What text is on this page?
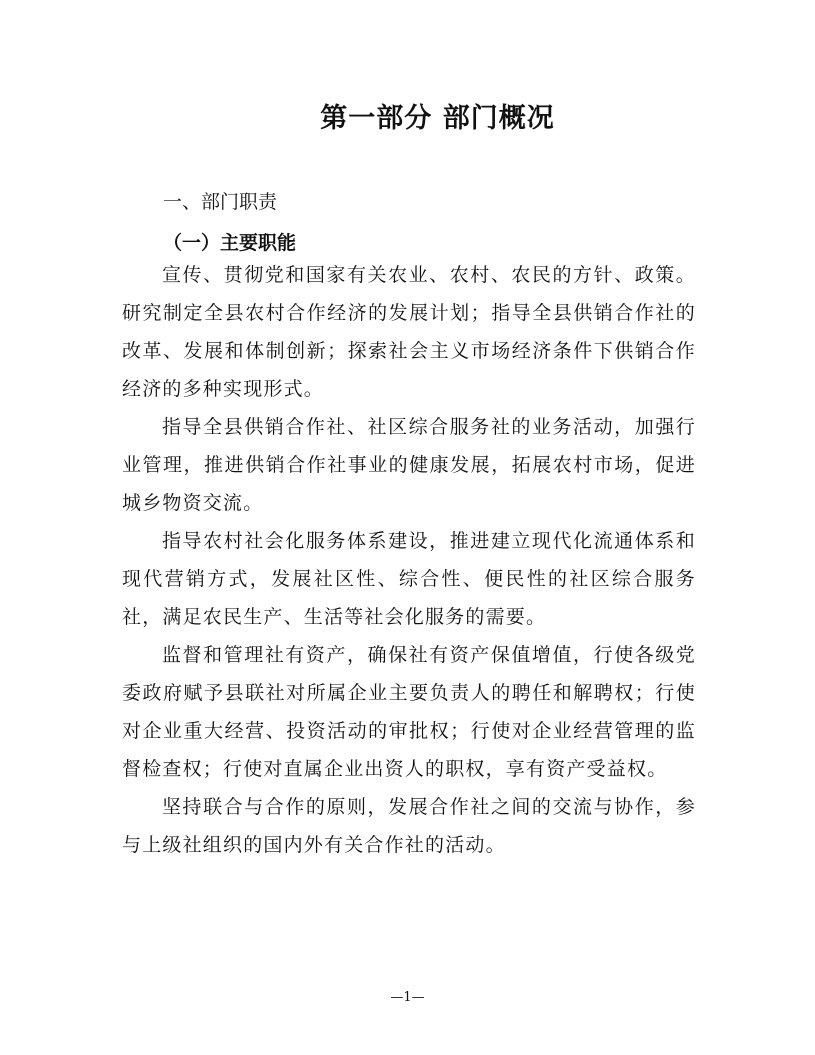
第一部分 部门概况
一、部门职责
（一）主要职能

宣传、贯彻党和国家有关农业、农村、农民的方针、政策。研究制定全县农村合作经济的发展计划；指导全县供销合作社的改革、发展和体制创新；探索社会主义市场经济条件下供销合作经济的多种实现形式。

指导全县供销合作社、社区综合服务社的业务活动，加强行业管理，推进供销合作社事业的健康发展，拓展农村市场，促进城乡物资交流。

指导农村社会化服务体系建设，推进建立现代化流通体系和现代营销方式，发展社区性、综合性、便民性的社区综合服务社，满足农民生产、生活等社会化服务的需要。

监督和管理社有资产，确保社有资产保值增值，行使各级党委政府赋予县联社对所属企业主要负责人的聘任和解聘权；行使对企业重大经营、投资活动的审批权；行使对企业经营管理的监督检查权；行使对直属企业出资人的职权，享有资产受益权。

坚持联合与合作的原则，发展合作社之间的交流与协作，参与上级社组织的国内外有关合作社的活动。

—1—
